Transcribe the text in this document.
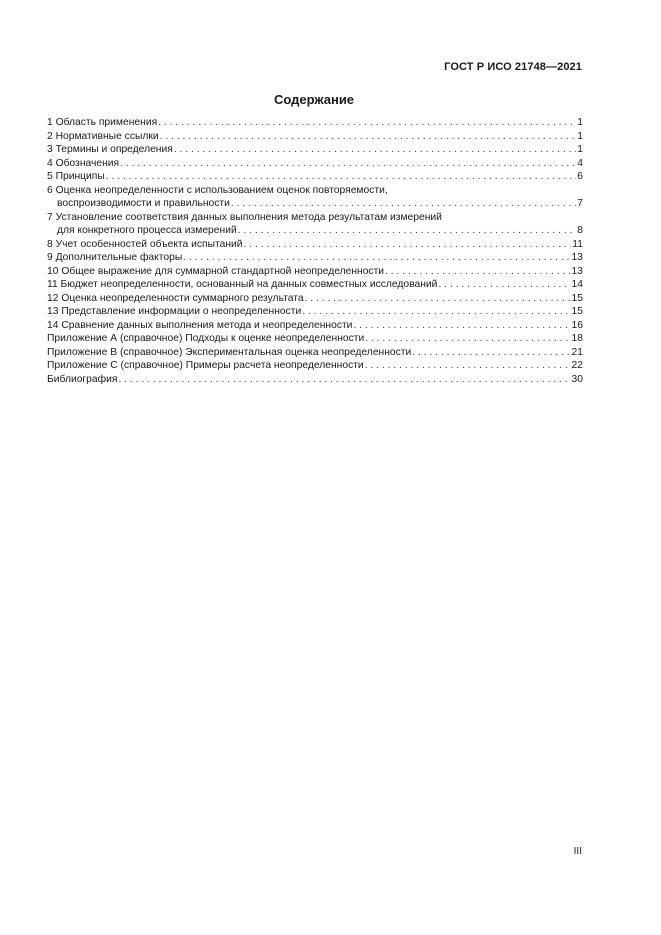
ГОСТ Р ИСО 21748—2021
Содержание
1 Область применения . . .	1
2 Нормативные ссылки . . .	1
3 Термины и определения . . .	1
4 Обозначения . . .	4
5 Принципы . . .	6
6 Оценка неопределенности с использованием оценок повторяемости,
воспроизводимости и правильности . . .	7
7 Установление соответствия данных выполнения метода результатам измерений
для конкретного процесса измерений . . .	8
8 Учет особенностей объекта испытаний . . .	11
9 Дополнительные факторы . . .	13
10 Общее выражение для суммарной стандартной неопределенности . . .	13
11 Бюджет неопределенности, основанный на данных совместных исследований . . .	14
12 Оценка неопределенности суммарного результата . . .	15
13 Представление информации о неопределенности . . .	15
14 Сравнение данных выполнения метода и неопределенности . . .	16
Приложение А (справочное) Подходы к оценке неопределенности . . .	18
Приложение В (справочное) Экспериментальная оценка неопределенности . . .	21
Приложение С (справочное) Примеры расчета неопределенности . . .	22
Библиография . . .	30
III
